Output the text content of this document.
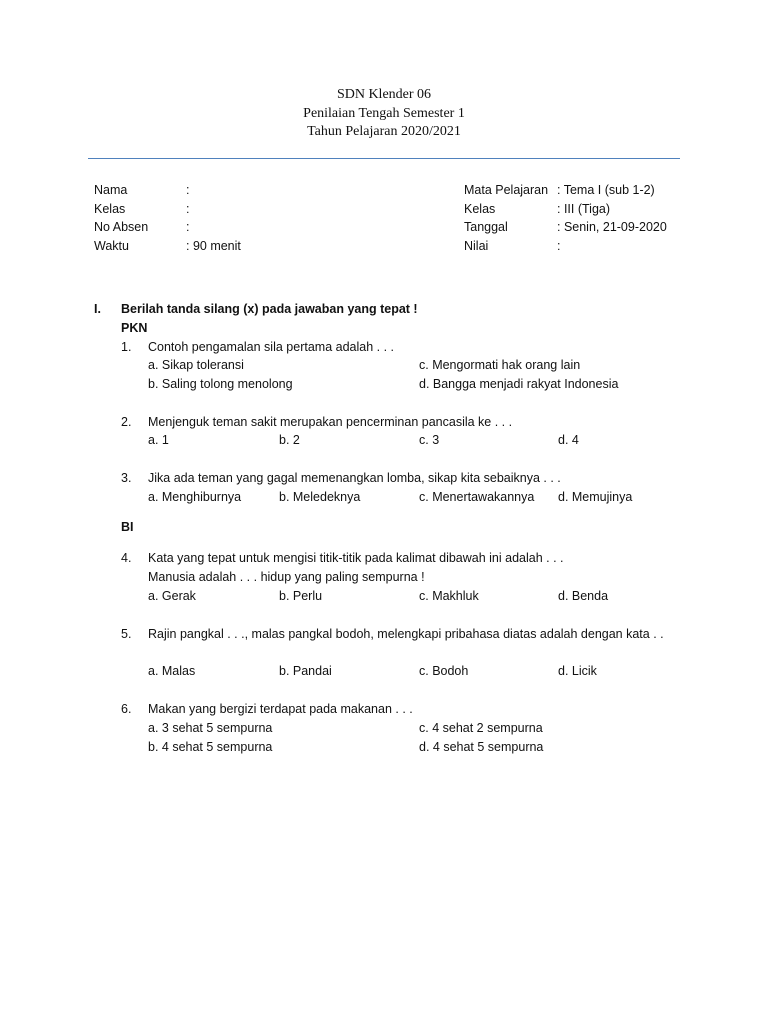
SDN Klender 06
Penilaian Tengah Semester 1
Tahun Pelajaran 2020/2021
Nama	:
Kelas	:
No Absen	:
Waktu	: 90 menit
Mata Pelajaran : Tema I (sub 1-2)
Kelas	: III (Tiga)
Tanggal	: Senin, 21-09-2020
Nilai	:
I. Berilah tanda silang (x) pada jawaban yang tepat !
PKN
1. Contoh pengamalan sila pertama adalah . . .
a. Sikap toleransi
b. Saling tolong menolong
c. Mengormati hak orang lain
d. Bangga menjadi rakyat Indonesia
2. Menjenguk teman sakit merupakan pencerminan pancasila ke . . .
a. 1	b. 2	c. 3	d. 4
3. Jika ada teman yang gagal memenangkan lomba, sikap kita sebaiknya . . .
a. Menghiburnya	b. Meledeknya	c. Menertawakannya d. Memujinya
BI
4. Kata yang tepat untuk mengisi titik-titik pada kalimat dibawah ini adalah . . .
Manusia adalah . . . hidup yang paling sempurna !
a. Gerak	b. Perlu	c. Makhluk	d. Benda
5. Rajin pangkal . . ., malas pangkal bodoh, melengkapi pribahasa diatas adalah dengan kata . .
a. Malas	b. Pandai	c. Bodoh	d. Licik
6. Makan yang bergizi terdapat pada makanan . . .
a. 3 sehat 5 sempurna
b. 4 sehat 5 sempurna
c. 4 sehat 2 sempurna
d. 4 sehat 5 sempurna
